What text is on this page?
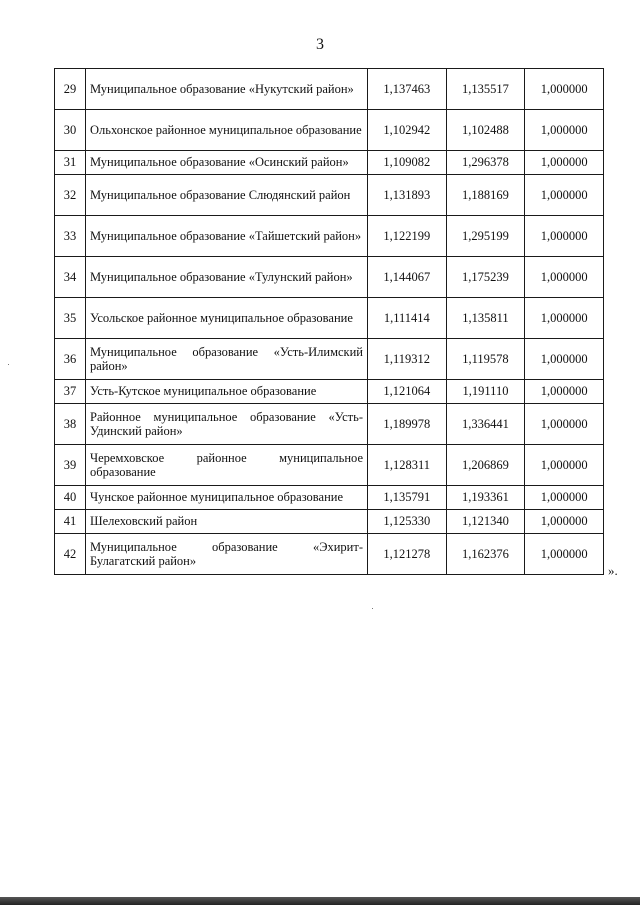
3
29	Муниципальное образование «Нукутский район»	1,137463	1,135517	1,000000
30	Ольхонское районное муниципальное образование	1,102942	1,102488	1,000000
31	Муниципальное образование «Осинский район»	1,109082	1,296378	1,000000
32	Муниципальное образование Слюдянский район	1,131893	1,188169	1,000000
33	Муниципальное образование «Тайшетский район»	1,122199	1,295199	1,000000
34	Муниципальное образование «Тулунский район»	1,144067	1,175239	1,000000
35	Усольское районное муниципальное образование	1,111414	1,135811	1,000000
36	Муниципальное образование «Усть-Илимский район»	1,119312	1,119578	1,000000
37	Усть-Кутское муниципальное образование	1,121064	1,191110	1,000000
38	Районное муниципальное образование «Усть-Удинский район»	1,189978	1,336441	1,000000
39	Черемховское районное муниципальное образование	1,128311	1,206869	1,000000
40	Чунское районное муниципальное образование	1,135791	1,193361	1,000000
41	Шелеховский район	1,125330	1,121340	1,000000
42	Муниципальное образование «Эхирит-Булагатский район»	1,121278	1,162376	1,000000
».
